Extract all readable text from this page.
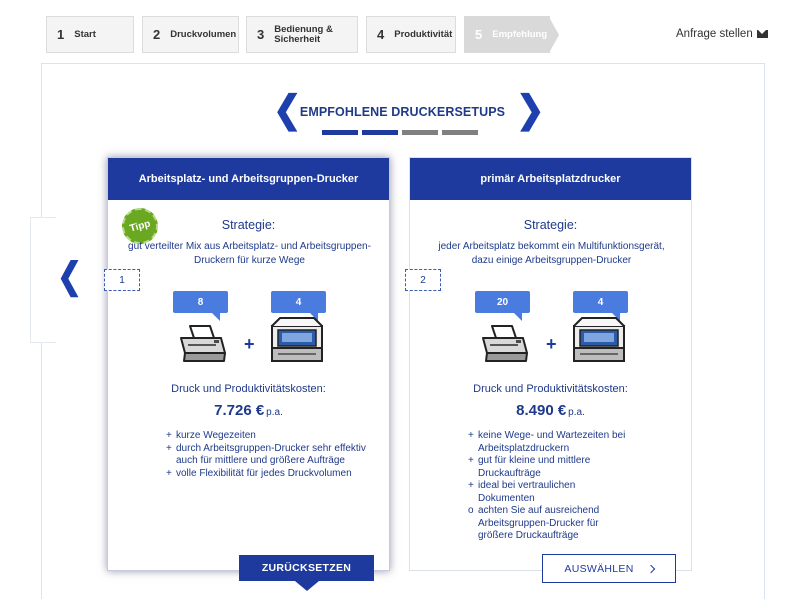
1 Start	2 Druckvolumen 3 Bedienung &
Sicherheit	4 Produktivität 5 Empfehlung	Anfrage stellen
❮
EMPFOHLENE DRUCKERSETUPS ❯
❮
Arbeitsplatz- und Arbeitsgruppen-Drucker
Tipp	Strategie:
gut verteilter Mix aus Arbeitsplatz- und Arbeitsgruppen-Druckern für kurze Wege
8	4
+
Druck und Produktivitätskosten:
7.726 € p.a.
+ kurze Wegezeiten
+ durch Arbeitsgruppen-Drucker sehr effektiv auch für mittlere und größere Aufträge
+ volle Flexibilität für jedes Druckvolumen
primär Arbeitsplatzdrucker
Strategie:
jeder Arbeitsplatz bekommt ein Multifunktionsgerät, dazu einige Arbeitsgruppen-Drucker
20	4
+
Druck und Produktivitätskosten:
8.490 € p.a.
+ keine Wege- und Wartezeiten bei Arbeitsplatzdruckern
+ gut für kleine und mittlere Druckaufträge
+ ideal bei vertraulichen Dokumenten
o achten Sie auf ausreichend Arbeitsgruppen-Drucker für größere Druckaufträge
1	2
ZURÜCKSETZEN	AUSWÄHLEN
